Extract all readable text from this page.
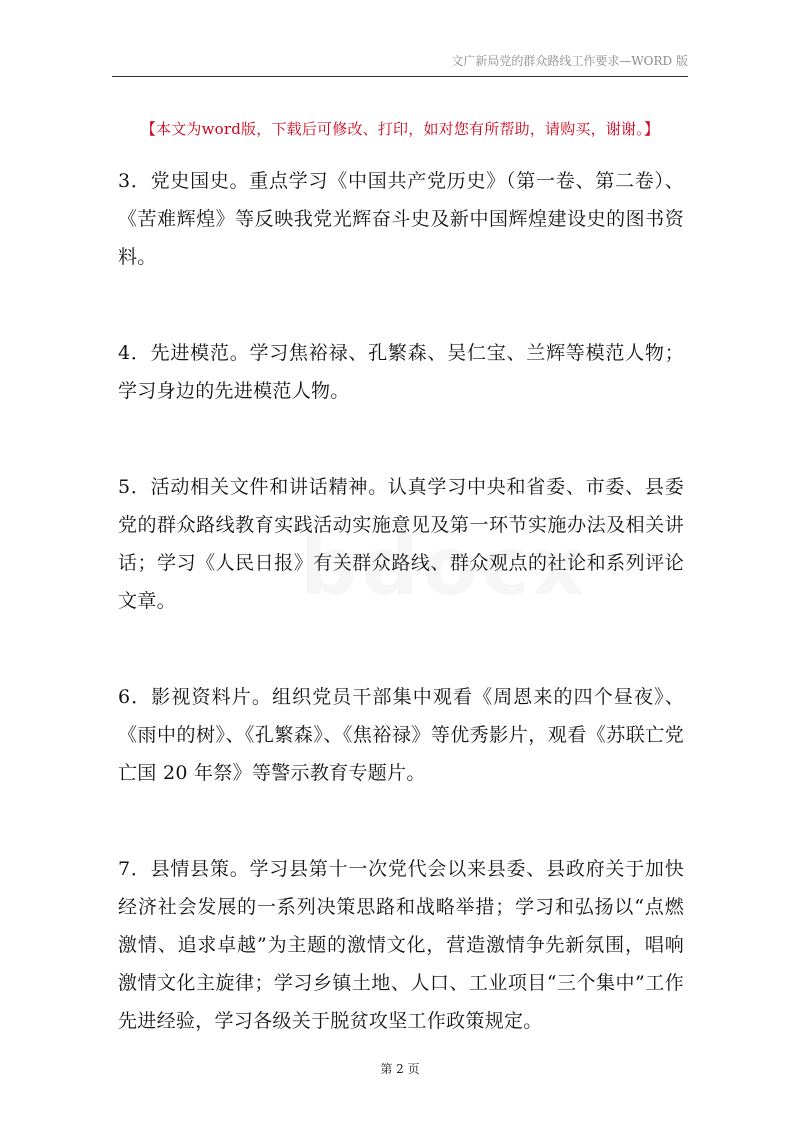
文广新局党的群众路线工作要求—WORD 版
【本文为word版，下载后可修改、打印，如对您有所帮助，请购买，谢谢。】

3．党史国史。重点学习《中国共产党历史》（第一卷、第二卷）、《苦难辉煌》等反映我党光辉奋斗史及新中国辉煌建设史的图书资料。

4．先进模范。学习焦裕禄、孔繁森、吴仁宝、兰辉等模范人物；学习身边的先进模范人物。

5．活动相关文件和讲话精神。认真学习中央和省委、市委、县委党的群众路线教育实践活动实施意见及第一环节实施办法及相关讲话；学习《人民日报》有关群众路线、群众观点的社论和系列评论文章。

6．影视资料片。组织党员干部集中观看《周恩来的四个昼夜》、《雨中的树》、《孔繁森》、《焦裕禄》等优秀影片，观看《苏联亡党亡国 20 年祭》等警示教育专题片。

7．县情县策。学习县第十一次党代会以来县委、县政府关于加快经济社会发展的一系列决策思路和战略举措；学习和弘扬以“点燃激情、追求卓越”为主题的激情文化，营造激情争先新氛围，唱响激情文化主旋律；学习乡镇土地、人口、工业项目“三个集中”工作先进经验，学习各级关于脱贫攻坚工作政策规定。

第 2 页
